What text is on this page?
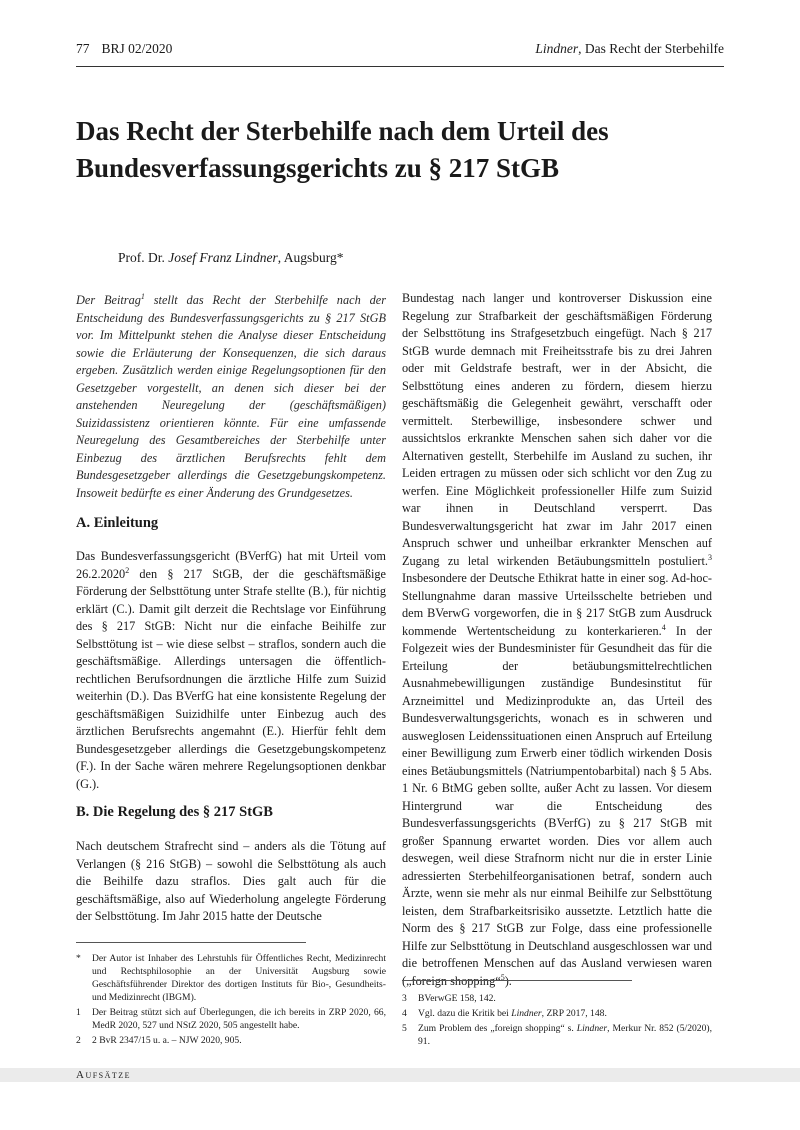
77 BRJ 02/2020	Lindner, Das Recht der Sterbehilfe
Das Recht der Sterbehilfe nach dem Urteil des Bundesverfassungsgerichts zu § 217 StGB
Prof. Dr. Josef Franz Lindner, Augsburg*

Der Beitrag$^1$ stellt das Recht der Sterbehilfe nach der Entscheidung des Bundesverfassungsgerichts zu § 217 StGB vor. Im Mittelpunkt stehen die Analyse dieser Entscheidung sowie die Erläuterung der Konsequenzen, die sich daraus ergeben. Zusätzlich werden einige Regelungsoptionen für den Gesetzgeber vorgestellt, an denen sich dieser bei der anstehenden Neuregelung der (geschäftsmäßigen) Suizidassistenz orientieren könnte. Für eine umfassende Neuregelung des Gesamtbereiches der Sterbehilfe unter Einbezug des ärztlichen Berufsrechts fehlt dem Bundesgesetzgeber allerdings die Gesetzgebungskompetenz. Insoweit bedürfte es einer Änderung des Grundgesetzes.

A. Einleitung

Das Bundesverfassungsgericht (BVerfG) hat mit Urteil vom 26.2.2020$^2$ den § 217 StGB, der die geschäftsmäßige Förderung der Selbsttötung unter Strafe stellte (B.), für nichtig erklärt (C.). Damit gilt derzeit die Rechtslage vor Einführung des § 217 StGB: Nicht nur die einfache Beihilfe zur Selbsttötung ist – wie diese selbst – straflos, sondern auch die geschäftsmäßige. Allerdings untersagen die öffentlich-rechtlichen Berufsordnungen die ärztliche Hilfe zum Suizid weiterhin (D.). Das BVerfG hat eine konsistente Regelung der geschäftsmäßigen Suizidhilfe unter Einbezug auch des ärztlichen Berufsrechts angemahnt (E.). Hierfür fehlt dem Bundesgesetzgeber allerdings die Gesetzgebungskompetenz (F.). In der Sache wären mehrere Regelungsoptionen denkbar (G.).

B. Die Regelung des § 217 StGB

Nach deutschem Strafrecht sind – anders als die Tötung auf Verlangen (§ 216 StGB) – sowohl die Selbsttötung als auch die Beihilfe dazu straflos. Dies galt auch für die geschäftsmäßige, also auf Wiederholung angelegte Förderung der Selbsttötung. Im Jahr 2015 hatte der Deutsche

Bundestag nach langer und kontroverser Diskussion eine Regelung zur Strafbarkeit der geschäftsmäßigen Förderung der Selbsttötung ins Strafgesetzbuch eingefügt. Nach § 217 StGB wurde demnach mit Freiheitsstrafe bis zu drei Jahren oder mit Geldstrafe bestraft, wer in der Absicht, die Selbsttötung eines anderen zu fördern, diesem hierzu geschäftsmäßig die Gelegenheit gewährt, verschafft oder vermittelt. Sterbewillige, insbesondere schwer und aussichtslos erkrankte Menschen sahen sich daher vor die Alternativen gestellt, Sterbehilfe im Ausland zu suchen, ihr Leiden ertragen zu müssen oder sich schlicht vor den Zug zu werfen. Eine Möglichkeit professioneller Hilfe zum Suizid war ihnen in Deutschland versperrt. Das Bundesverwaltungsgericht hat zwar im Jahr 2017 einen Anspruch schwer und unheilbar erkrankter Menschen auf Zugang zu letal wirkenden Betäubungsmitteln postuliert.$^3$ Insbesondere der Deutsche Ethikrat hatte in einer sog. Ad-hoc-Stellungnahme daran massive Urteilsschelte betrieben und dem BVerwG vorgeworfen, die in § 217 StGB zum Ausdruck kommende Wertentscheidung zu konterkarieren.$^4$ In der Folgezeit wies der Bundesminister für Gesundheit das für die Erteilung der betäubungsmittelrechtlichen Ausnahmebewilligungen zuständige Bundesinstitut für Arzneimittel und Medizinprodukte an, das Urteil des Bundesverwaltungsgerichts, wonach es in schweren und ausweglosen Leidenssituationen einen Anspruch auf Erteilung einer Bewilligung zum Erwerb einer tödlich wirkenden Dosis eines Betäubungsmittels (Natriumpentobarbital) nach § 5 Abs. 1 Nr. 6 BtMG geben sollte, außer Acht zu lassen. Vor diesem Hintergrund war die Entscheidung des Bundesverfassungsgerichts (BVerfG) zu § 217 StGB mit großer Spannung erwartet worden. Dies vor allem auch deswegen, weil diese Strafnorm nicht nur die in erster Linie adressierten Sterbehilfeorganisationen betraf, sondern auch Ärzte, wenn sie mehr als nur einmal Beihilfe zur Selbsttötung leisten, dem Strafbarkeitsrisiko aussetzte. Letztlich hatte die Norm des § 217 StGB zur Folge, dass eine professionelle Hilfe zur Selbsttötung in Deutschland ausgeschlossen war und die betroffenen Menschen auf das Ausland verwiesen waren („foreign shopping“$^5$).

*	Der Autor ist Inhaber des Lehrstuhls für Öffentliches Recht, Medizinrecht und Rechtsphilosophie an der Universität Augsburg sowie Geschäftsführender Direktor des dortigen Instituts für Bio-, Gesundheits- und Medizinrecht (IBGM).
1	Der Beitrag stützt sich auf Überlegungen, die ich bereits in ZRP 2020, 66, MedR 2020, 527 und NStZ 2020, 505 angestellt habe.
2	2 BvR 2347/15 u. a. – NJW 2020, 905.
3	BVerwGE 158, 142.
4	Vgl. dazu die Kritik bei Lindner, ZRP 2017, 148.
5	Zum Problem des „foreign shopping“ s. Lindner, Merkur Nr. 852 (5/2020), 91.
Aufsätze
